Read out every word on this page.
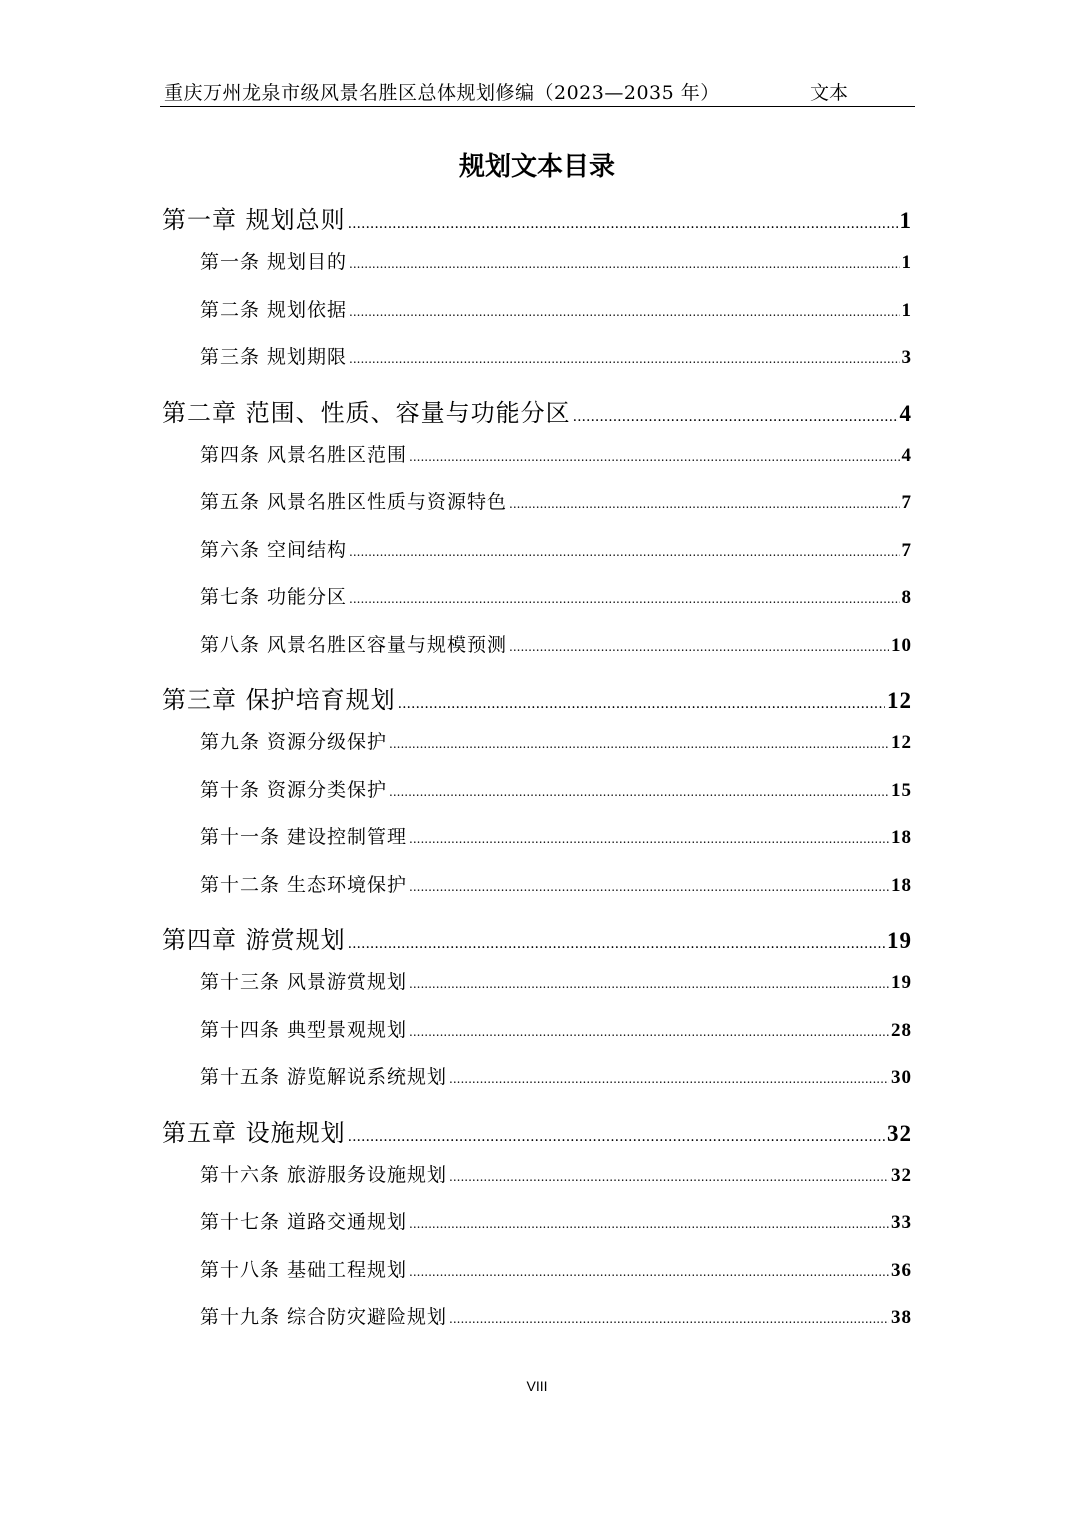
重庆万州龙泉市级风景名胜区总体规划修编（2023—2035 年）	文本
规划文本目录
第一章 规划总则 .....	1
第一条 规划目的 .....	1
第二条 规划依据 .....	1
第三条 规划期限 .....	3
第二章 范围、性质、容量与功能分区 .....	4
第四条 风景名胜区范围 .....	4
第五条 风景名胜区性质与资源特色 .....	7
第六条 空间结构 .....	7
第七条 功能分区 .....	8
第八条 风景名胜区容量与规模预测 .....	10
第三章 保护培育规划 .....	12
第九条 资源分级保护 .....	12
第十条 资源分类保护 .....	15
第十一条 建设控制管理 .....	18
第十二条 生态环境保护 .....	18
第四章 游赏规划 .....	19
第十三条 风景游赏规划 .....	19
第十四条 典型景观规划 .....	28
第十五条 游览解说系统规划 .....	30
第五章 设施规划 .....	32
第十六条 旅游服务设施规划 .....	32
第十七条 道路交通规划 .....	33
第十八条 基础工程规划 .....	36
第十九条 综合防灾避险规划 .....	38
VIII
